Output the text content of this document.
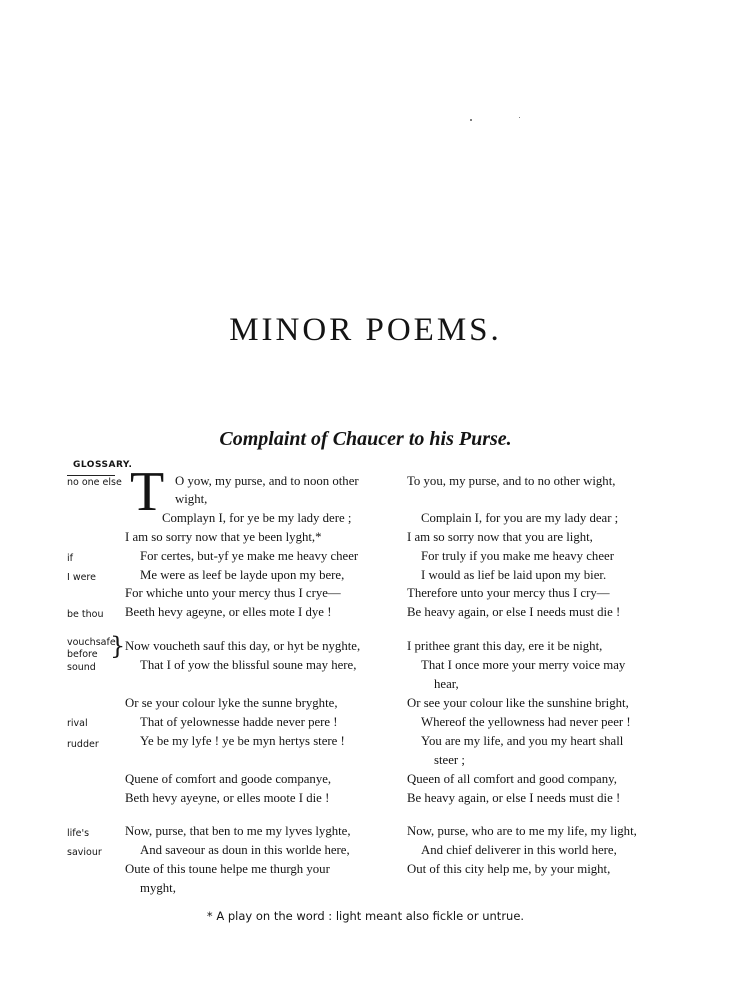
MINOR POEMS.
Complaint of Chaucer to his Purse.
GLOSSARY.
no one else
if
I were
be thou
vouchsafe
before }
sound
rival
rudder
life's
saviour
T O yow, my purse, and to noon other
wight,
Complayn I, for ye be my lady dere ;
I am so sorry now that ye been lyght,*
For certes, but-yf ye make me heavy cheer
Me were as leef be layde upon my bere,
For whiche unto your mercy thus I crye—
Beeth hevy ageyne, or elles mote I dye !
Now voucheth sauf this day, or hyt be nyghte,
That I of yow the blissful soune may here,
Or se your colour lyke the sunne bryghte,
That of yelownesse hadde never pere !
Ye be my lyfe ! ye be myn hertys stere !
Quene of comfort and goode companye,
Beth hevy ayeyne, or elles moote I die !
Now, purse, that ben to me my lyves lyghte,
And saveour as doun in this worlde here,
Oute of this toune helpe me thurgh your
myght,
To you, my purse, and to no other wight,
Complain I, for you are my lady dear ;
I am so sorry now that you are light,
For truly if you make me heavy cheer
I would as lief be laid upon my bier.
Therefore unto your mercy thus I cry—
Be heavy again, or else I needs must die !
I prithee grant this day, ere it be night,
That I once more your merry voice may
hear,
Or see your colour like the sunshine bright,
Whereof the yellowness had never peer !
You are my life, and you my heart shall
steer ;
Queen of all comfort and good company,
Be heavy again, or else I needs must die !
Now, purse, who are to me my life, my light,
And chief deliverer in this world here,
Out of this city help me, by your might,
* A play on the word : light meant also fickle or untrue.
